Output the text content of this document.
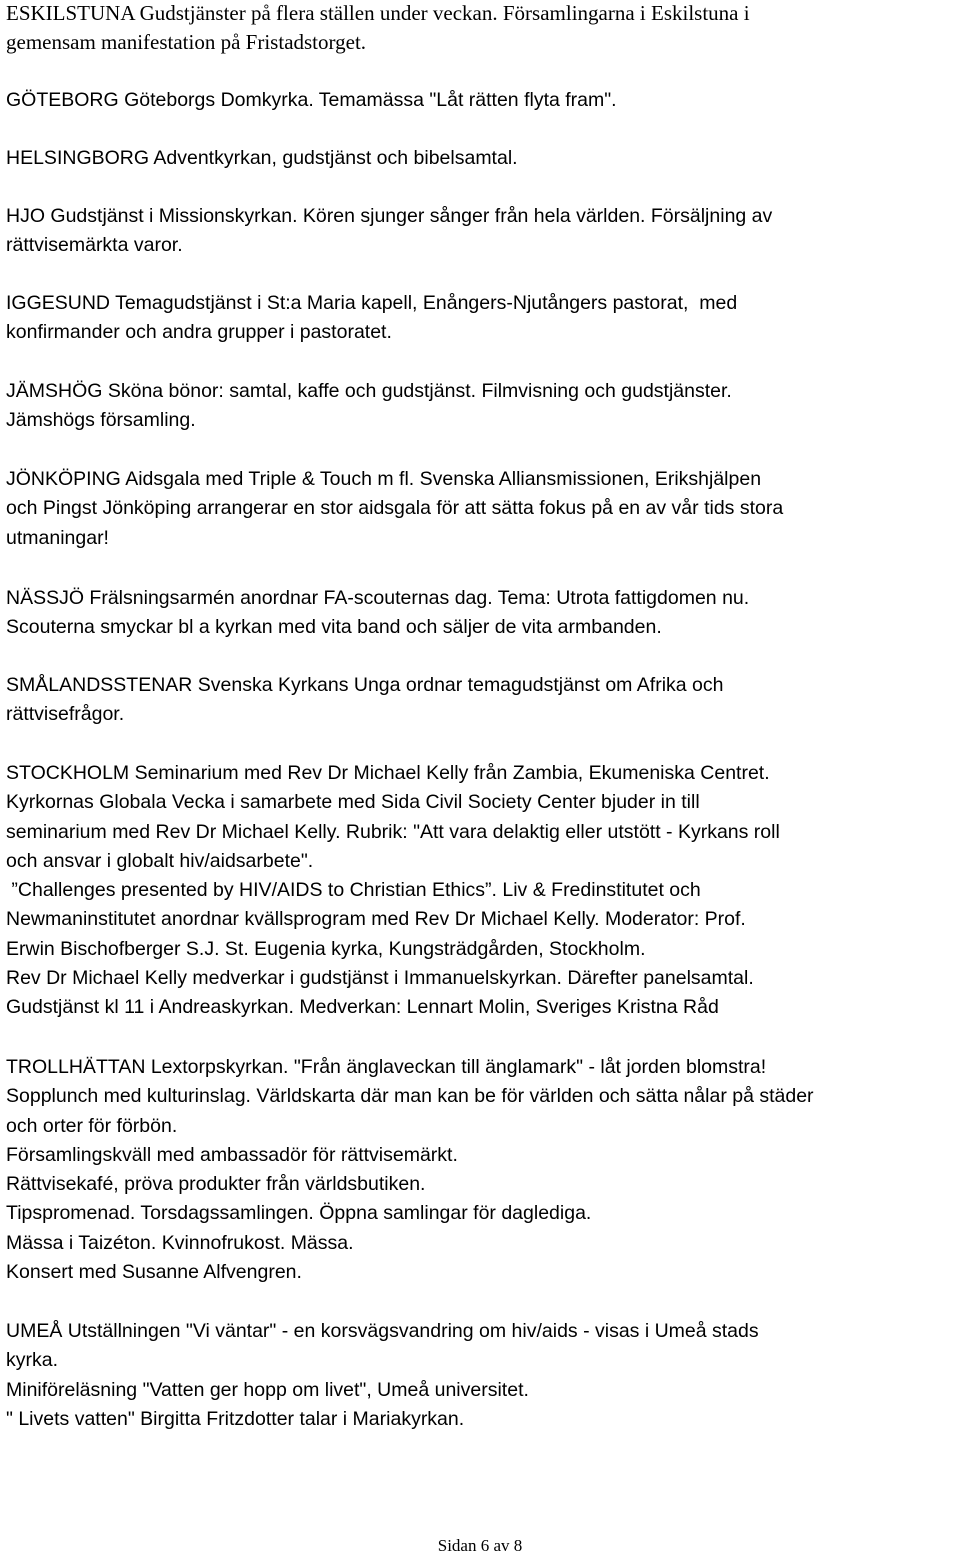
ESKILSTUNA Gudstjänster på flera ställen under veckan. Församlingarna i Eskilstuna i
gemensam manifestation på Fristadstorget.
GÖTEBORG Göteborgs Domkyrka. Temamässa "Låt rätten flyta fram".
HELSINGBORG Adventkyrkan, gudstjänst och bibelsamtal.
HJO Gudstjänst i Missionskyrkan. Kören sjunger sånger från hela världen. Försäljning av
rättvisemärkta varor.
IGGESUND Temagudstjänst i St:a Maria kapell, Enångers-Njutångers pastorat,  med
konfirmander och andra grupper i pastoratet.
JÄMSHÖG Sköna bönor: samtal, kaffe och gudstjänst. Filmvisning och gudstjänster.
Jämshögs församling.
JÖNKÖPING Aidsgala med Triple & Touch m fl. Svenska Alliansmissionen, Erikshjälpen
och Pingst Jönköping arrangerar en stor aidsgala för att sätta fokus på en av vår tids stora
utmaningar!
NÄSSJÖ Frälsningsarmén anordnar FA-scouternas dag. Tema: Utrota fattigdomen nu.
Scouterna smyckar bl a kyrkan med vita band och säljer de vita armbanden.
SMÅLANDSSTENAR Svenska Kyrkans Unga ordnar temagudstjänst om Afrika och
rättvisefrågor.
STOCKHOLM Seminarium med Rev Dr Michael Kelly från Zambia, Ekumeniska Centret.
Kyrkornas Globala Vecka i samarbete med Sida Civil Society Center bjuder in till
seminarium med Rev Dr Michael Kelly. Rubrik: "Att vara delaktig eller utstött - Kyrkans roll
och ansvar i globalt hiv/aidsarbete".
”Challenges presented by HIV/AIDS to Christian Ethics”. Liv & Fredinstitutet och
Newmaninstitutet anordnar kvällsprogram med Rev Dr Michael Kelly. Moderator: Prof.
Erwin Bischofberger S.J. St. Eugenia kyrka, Kungsträdgården, Stockholm.
Rev Dr Michael Kelly medverkar i gudstjänst i Immanuelskyrkan. Därefter panelsamtal.
Gudstjänst kl 11 i Andreaskyrkan. Medverkan: Lennart Molin, Sveriges Kristna Råd
TROLLHÄTTAN Lextorpskyrkan. "Från änglaveckan till änglamark" - låt jorden blomstra!
Sopplunch med kulturinslag. Världskarta där man kan be för världen och sätta nålar på städer
och orter för förbön.
Församlingskväll med ambassadör för rättvisemärkt.
Rättvisekafé, pröva produkter från världsbutiken.
Tipspromenad. Torsdagssamlingen. Öppna samlingar för daglediga.
Mässa i Taizéton. Kvinnofrukost. Mässa.
Konsert med Susanne Alfvengren.
UMEÅ Utställningen "Vi väntar" - en korsvägsvandring om hiv/aids - visas i Umeå stads
kyrka.
Miniföreläsning "Vatten ger hopp om livet", Umeå universitet.
" Livets vatten" Birgitta Fritzdotter talar i Mariakyrkan.
Sidan 6 av 8
